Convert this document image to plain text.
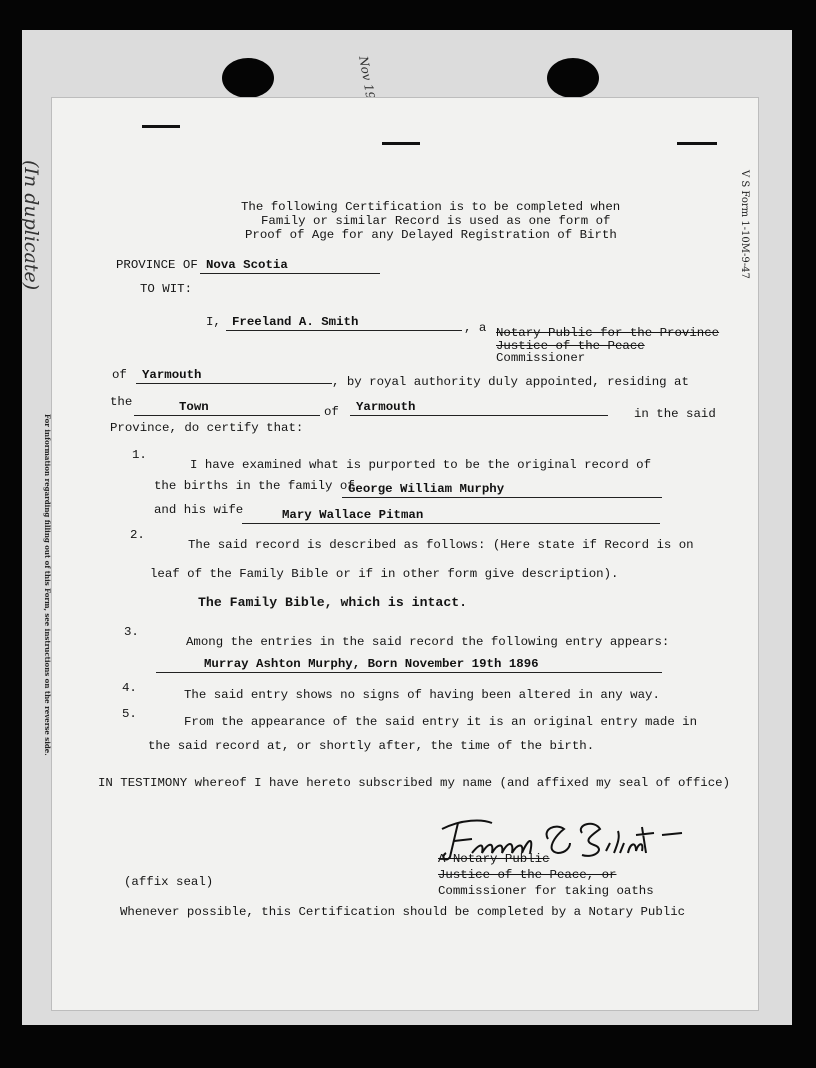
(In duplicate)	V S Form 1-10M-9-47
For information regarding filling out of this Form, see instructions on the reverse side.
The following Certification is to be completed when
Family or similar Record is used as one form of
Proof of Age for any Delayed Registration of Birth
PROVINCE OF Nova Scotia
TO WIT:
I, Freeland A. Smith	, a Notary Public for the Province
Justice of the Peace
Commissioner
of	Yarmouth	, by royal authority duly appointed, residing at
the	Town	of	Yarmouth	in the said
Province, do certify that:
1.
I have examined what is purported to be the original record of
the births in the family of
George William Murphy
and his wife	Mary Wallace Pitman
2.
The said record is described as follows: (Here state if Record is on
leaf of the Family Bible or if in other form give description).
The Family Bible, which is intact.
3.
Among the entries in the said record the following entry appears:
Murray Ashton Murphy, Born November 19th 1896
4.	The said entry shows no signs of having been altered in any way.
5.
From the appearance of the said entry it is an original entry made in
the said record at, or shortly after, the time of the birth.
IN TESTIMONY whereof I have hereto subscribed my name (and affixed my seal of office)
A Notary Public
Justice of the Peace, or
Commissioner for taking oaths
(affix seal)
Whenever possible, this Certification should be completed by a Notary Public
